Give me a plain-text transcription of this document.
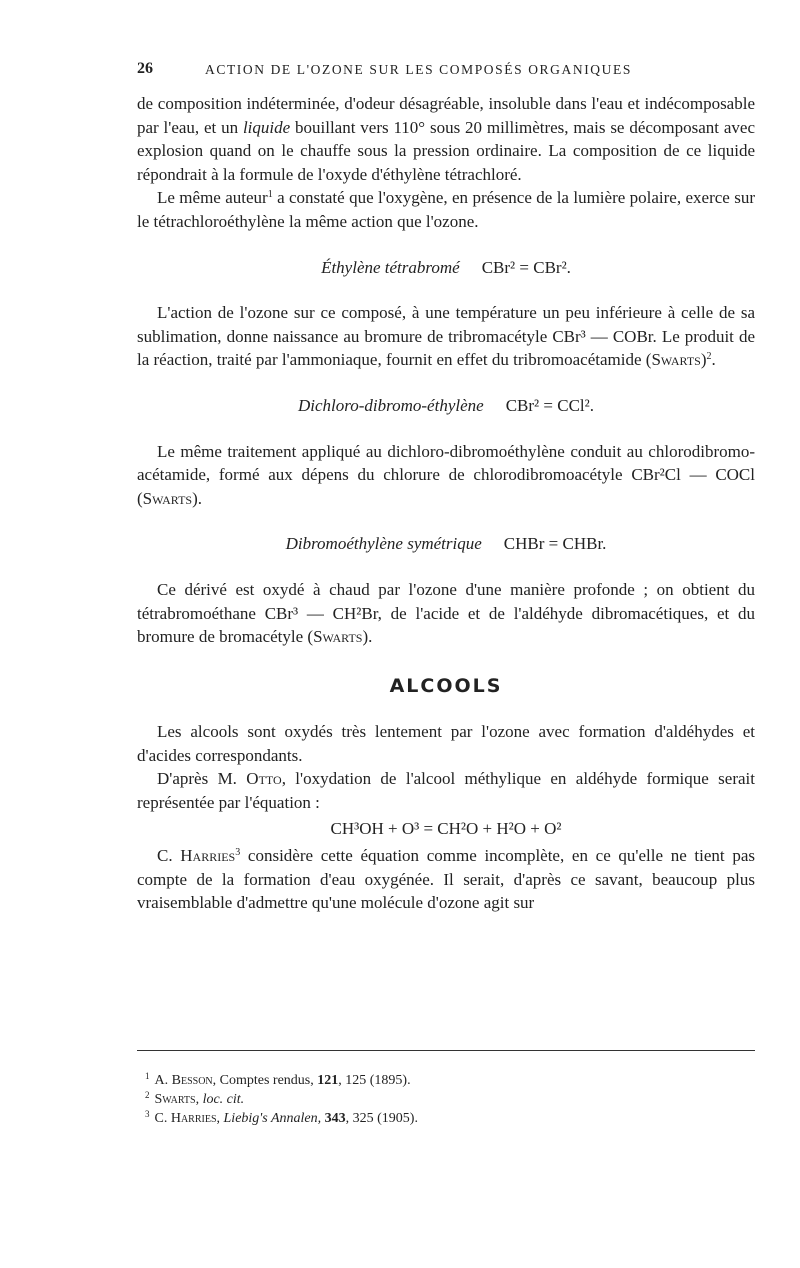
26	ACTION DE L'OZONE SUR LES COMPOSÉS ORGANIQUES

de composition indéterminée, d'odeur désagréable, insoluble dans l'eau et indécomposable par l'eau, et un liquide bouillant vers 110° sous 20 millimètres, mais se décomposant avec explosion quand on le chauffe sous la pression ordinaire. La composition de ce liquide répondrait à la formule de l'oxyde d'éthylène tétrachloré.

Le même auteur$^1$ a constaté que l'oxygène, en présence de la lumière polaire, exerce sur le tétrachloroéthylène la même action que l'ozone.

Éthylène tétrabromé CBr² = CBr².

L'action de l'ozone sur ce composé, à une température un peu inférieure à celle de sa sublimation, donne naissance au bromure de tribromacétyle CBr³ — COBr. Le produit de la réaction, traité par l'ammoniaque, fournit en effet du tribromoacétamide (Swarts)$^2$.

Dichloro-dibromo-éthylène CBr² = CCl².

Le même traitement appliqué au dichloro-dibromoéthylène conduit au chlorodibromo-acétamide, formé aux dépens du chlorure de chlorodibromoacétyle CBr²Cl — COCl (Swarts).

Dibromoéthylène symétrique CHBr = CHBr.

Ce dérivé est oxydé à chaud par l'ozone d'une manière profonde ; on obtient du tétrabromoéthane CBr³ — CH²Br, de l'acide et de l'aldéhyde dibromacétiques, et du bromure de bromacétyle (Swarts).

ALCOOLS

Les alcools sont oxydés très lentement par l'ozone avec formation d'aldéhydes et d'acides correspondants.

D'après M. Otto, l'oxydation de l'alcool méthylique en aldéhyde formique serait représentée par l'équation :

CH³OH + O³ = CH²O + H²O + O²

C. Harries$^3$ considère cette équation comme incomplète, en ce qu'elle ne tient pas compte de la formation d'eau oxygénée. Il serait, d'après ce savant, beaucoup plus vraisemblable d'admettre qu'une molécule d'ozone agit sur

$^1$ A. Besson, Comptes rendus, 121, 125 (1895).

$^2$ Swarts, loc. cit.

$^3$ C. Harries, Liebig's Annalen, 343, 325 (1905).
